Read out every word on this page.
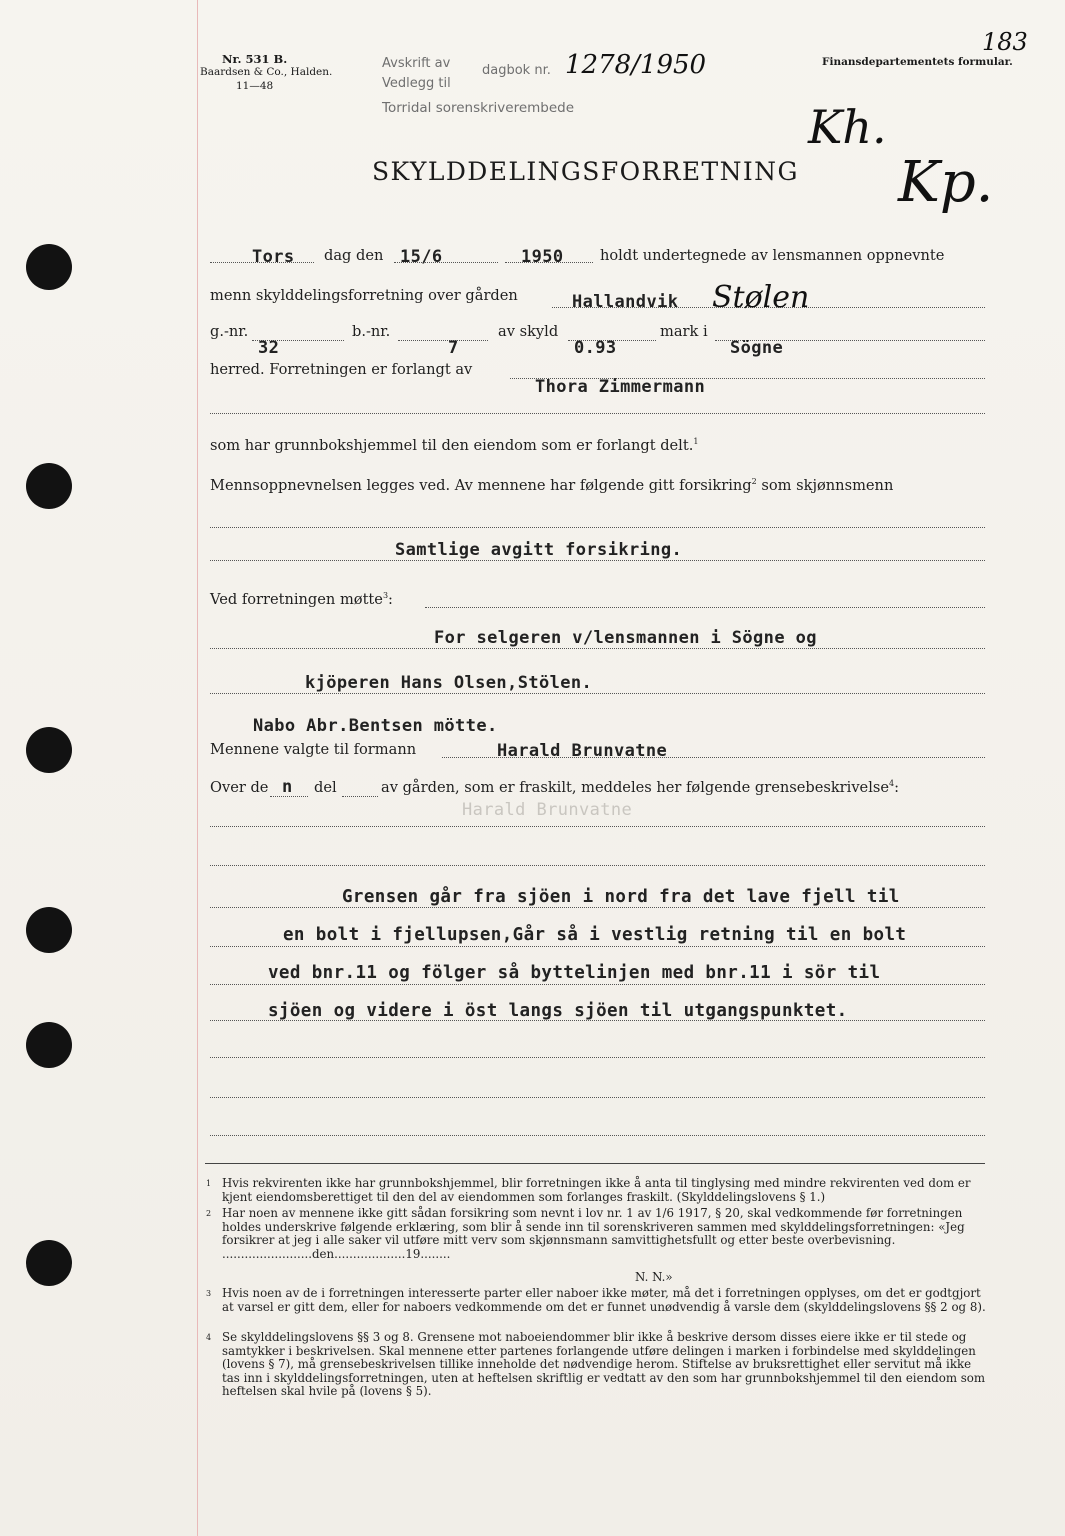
Nr. 531 B.
Baardsen & Co., Halden.
11—48
Avskrift av
Vedlegg til
dagbok nr. 1278/1950
Torridal sorenskriverembede
Finansdepartementets formular.
183
Kh.
Kp.
SKYLDDELINGSFORRETNING
Tors dag den 15/6	1950 holdt undertegnede av lensmannen oppnevnte
menn skylddelingsforretning over gården	Hallandvik Stølen
g.-nr.
32
b.-nr.
7
av skyld
0.93
mark i
Sögne
herred. Forretningen er forlangt av
Thora Zimmermann
som har grunnbokshjemmel til den eiendom som er forlangt delt.$^1$
Mennsoppnevnelsen legges ved. Av mennene har følgende gitt forsikring$^2$ som skjønnsmenn
Samtlige avgitt forsikring.
Ved forretningen møtte$^3$:
For selgeren v/lensmannen i Sögne og
kjöperen Hans Olsen,Stölen.
Nabo Abr.Bentsen mötte.
Mennene valgte til formann	Harald Brunvatne
Over de n del	av gården, som er fraskilt, meddeles her følgende grensebeskrivelse$^4$:
Harald Brunvatne
Grensen går fra sjöen i nord fra det lave fjell til
en bolt i fjellupsen,Går så i vestlig retning til en bolt
ved bnr.11 og fölger så byttelinjen med bnr.11 i sör til
sjöen og videre i öst langs sjöen til utgangspunktet.
1 Hvis rekvirenten ikke har grunnbokshjemmel, blir forretningen ikke å anta til tinglysing med mindre rekvirenten ved dom er kjent eiendomsberettiget til den del av eiendommen som forlanges fraskilt. (Skylddelingslovens § 1.)
2 Har noen av mennene ikke gitt sådan forsikring som nevnt i lov nr. 1 av 1/6 1917, § 20, skal vedkommende før forretningen holdes underskrive følgende erklæring, som blir å sende inn til sorenskriveren sammen med skylddelingsforretningen: «Jeg forsikrer at jeg i alle saker vil utføre mitt verv som skjønnsmann samvittighetsfullt og etter beste overbevisning. ........................den...................19........
N. N.»
3 Hvis noen av de i forretningen interesserte parter eller naboer ikke møter, må det i forretningen opplyses, om det er godtgjort at varsel er gitt dem, eller for naboers vedkommende om det er funnet unødvendig å varsle dem (skylddelingslovens §§ 2 og 8).
4 Se skylddelingslovens §§ 3 og 8. Grensene mot naboeiendommer blir ikke å beskrive dersom disses eiere ikke er til stede og samtykker i beskrivelsen. Skal mennene etter partenes forlangende utføre delingen i marken i forbindelse med skylddelingen (lovens § 7), må grensebeskrivelsen tillike inneholde det nødvendige herom. Stiftelse av bruksrettighet eller servitut må ikke tas inn i skylddelingsforretningen, uten at heftelsen skriftlig er vedtatt av den som har grunnbokshjemmel til den eiendom som heftelsen skal hvile på (lovens § 5).
